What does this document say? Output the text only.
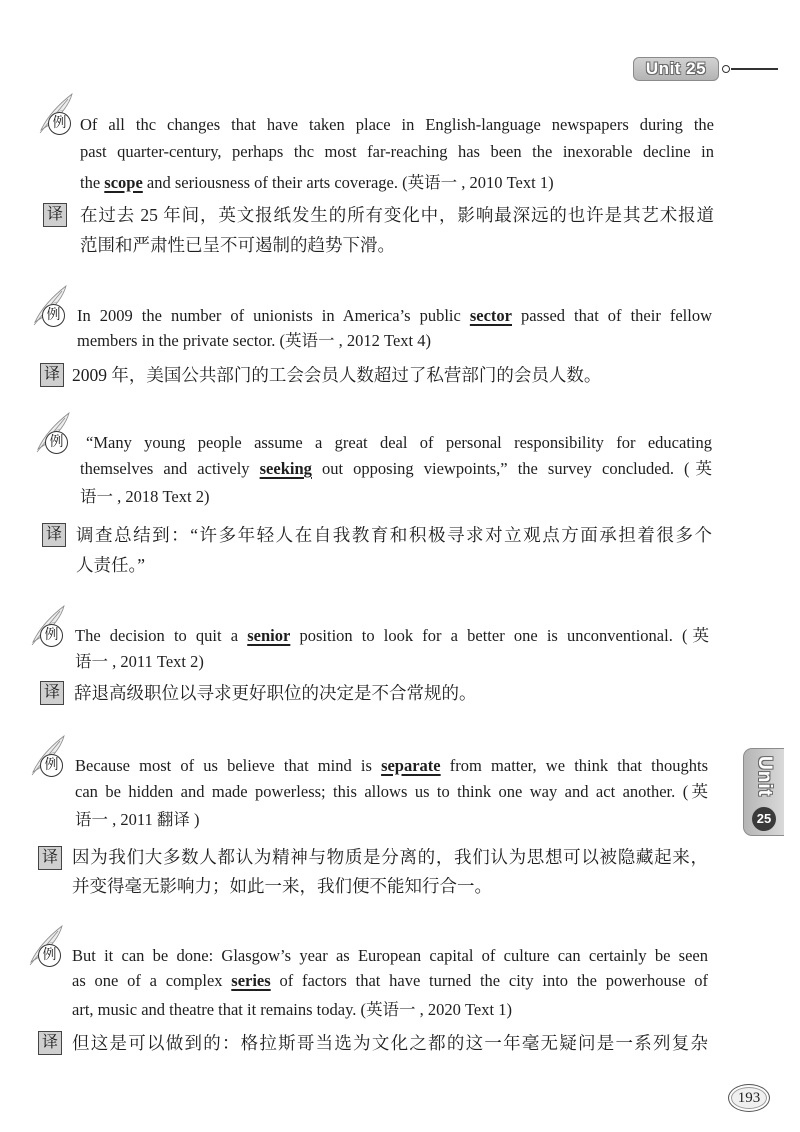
Unit 25
例 Of all thc changes that have taken place in English-language newspapers during the
past quarter-century, perhaps thc most far-reaching has been the inexorable decline in
the scope and seriousness of their arts coverage. (英语一 , 2010 Text 1)
译 在过去 25 年间，英文报纸发生的所有变化中，影响最深远的也许是其艺术报道
范围和严肃性已呈不可遏制的趋势下滑。
例 In 2009 the number of unionists in America’s public sector passed that of their fellow
members in the private sector. (英语一 , 2012 Text 4)
译 2009 年，美国公共部门的工会会员人数超过了私营部门的会员人数。
例 “Many young people assume a great deal of personal responsibility for educating
themselves and actively seeking out opposing viewpoints,” the survey concluded. (英
语一 , 2018 Text 2)
译 调查总结到：“许多年轻人在自我教育和积极寻求对立观点方面承担着很多个
人责任。”
例 The decision to quit a senior position to look for a better one is unconventional. (英
语一 , 2011 Text 2)
译 辞退高级职位以寻求更好职位的决定是不合常规的。
例 Because most of us believe that mind is separate from matter, we think that thoughts
can be hidden and made powerless; this allows us to think one way and act another. (英
语一 , 2011 翻译 )
译 因为我们大多数人都认为精神与物质是分离的，我们认为思想可以被隐藏起来，
并变得毫无影响力；如此一来，我们便不能知行合一。
例 But it can be done: Glasgow’s year as European capital of culture can certainly be seen
as one of a complex series of factors that have turned the city into the powerhouse of
art, music and theatre that it remains today. (英语一 , 2020 Text 1)
译 但这是可以做到的：格拉斯哥当选为文化之都的这一年毫无疑问是一系列复杂
Unit
25
193
